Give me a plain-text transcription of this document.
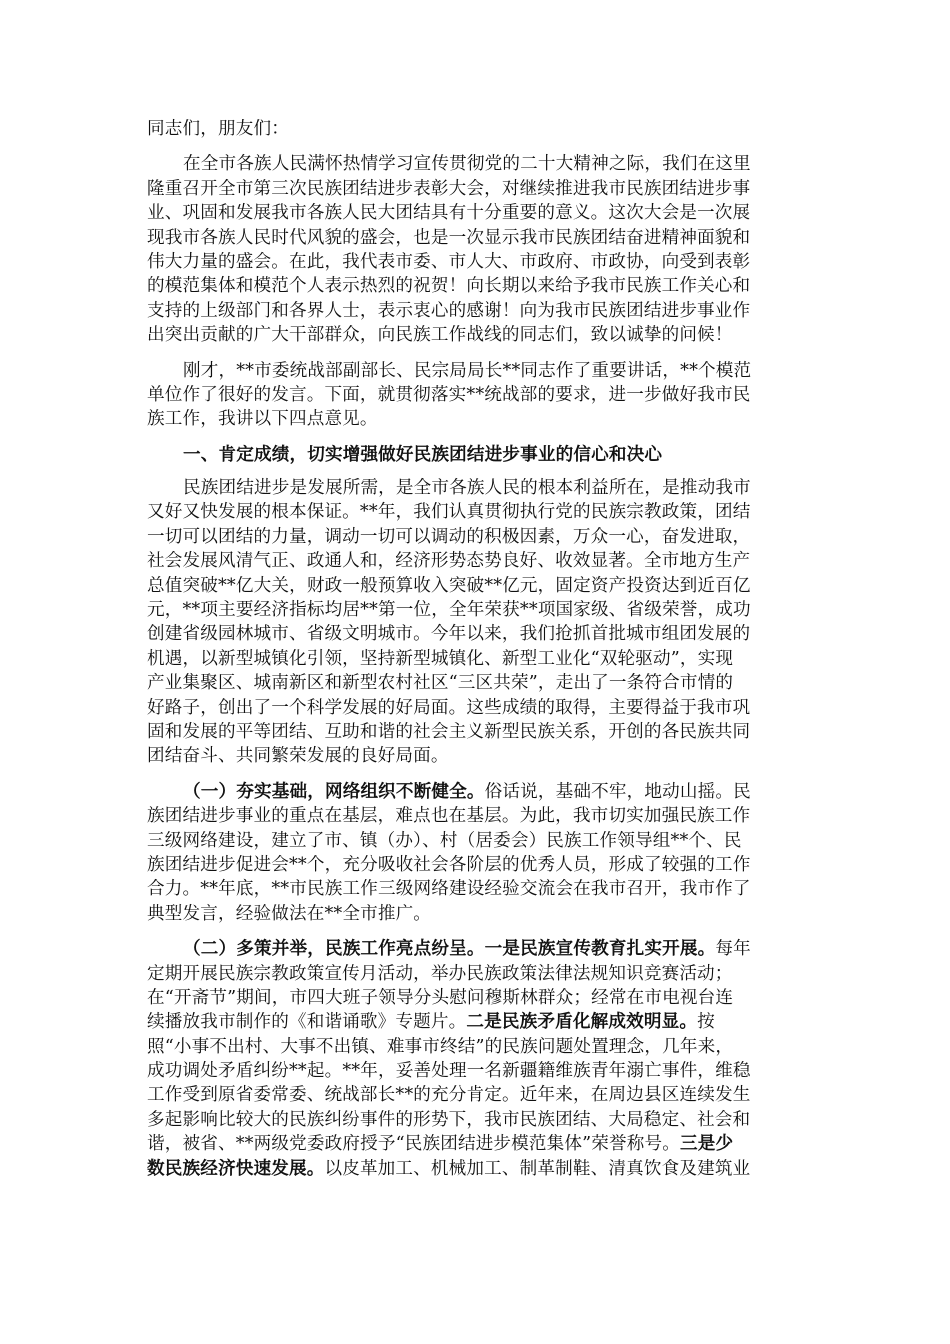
同志们，朋友们：
在全市各族人民满怀热情学习宣传贯彻党的二十大精神之际，我们在这里
隆重召开全市第三次民族团结进步表彰大会，对继续推进我市民族团结进步事
业、巩固和发展我市各族人民大团结具有十分重要的意义。这次大会是一次展
现我市各族人民时代风貌的盛会，也是一次显示我市民族团结奋进精神面貌和
伟大力量的盛会。在此，我代表市委、市人大、市政府、市政协，向受到表彰
的模范集体和模范个人表示热烈的祝贺！向长期以来给予我市民族工作关心和
支持的上级部门和各界人士，表示衷心的感谢！向为我市民族团结进步事业作
出突出贡献的广大干部群众，向民族工作战线的同志们，致以诚挚的问候！
刚才，**市委统战部副部长、民宗局局长**同志作了重要讲话，**个模范
单位作了很好的发言。下面，就贯彻落实**统战部的要求，进一步做好我市民
族工作，我讲以下四点意见。
一、肯定成绩，切实增强做好民族团结进步事业的信心和决心
民族团结进步是发展所需，是全市各族人民的根本利益所在，是推动我市
又好又快发展的根本保证。**年，我们认真贯彻执行党的民族宗教政策，团结
一切可以团结的力量，调动一切可以调动的积极因素，万众一心，奋发进取，
社会发展风清气正、政通人和，经济形势态势良好、收效显著。全市地方生产
总值突破**亿大关，财政一般预算收入突破**亿元，固定资产投资达到近百亿
元，**项主要经济指标均居**第一位，全年荣获**项国家级、省级荣誉，成功
创建省级园林城市、省级文明城市。今年以来，我们抢抓首批城市组团发展的
机遇，以新型城镇化引领，坚持新型城镇化、新型工业化“双轮驱动”，实现
产业集聚区、城南新区和新型农村社区“三区共荣”，走出了一条符合市情的
好路子，创出了一个科学发展的好局面。这些成绩的取得，主要得益于我市巩
固和发展的平等团结、互助和谐的社会主义新型民族关系，开创的各民族共同
团结奋斗、共同繁荣发展的良好局面。
（一）夯实基础，网络组织不断健全。俗话说，基础不牢，地动山摇。民
族团结进步事业的重点在基层，难点也在基层。为此，我市切实加强民族工作
三级网络建设，建立了市、镇（办）、村（居委会）民族工作领导组**个、民
族团结进步促进会**个，充分吸收社会各阶层的优秀人员，形成了较强的工作
合力。**年底，**市民族工作三级网络建设经验交流会在我市召开，我市作了
典型发言，经验做法在**全市推广。
（二）多策并举，民族工作亮点纷呈。一是民族宣传教育扎实开展。每年
定期开展民族宗教政策宣传月活动，举办民族政策法律法规知识竞赛活动；
在“开斋节”期间，市四大班子领导分头慰问穆斯林群众；经常在市电视台连
续播放我市制作的《和谐诵歌》专题片。二是民族矛盾化解成效明显。按
照“小事不出村、大事不出镇、难事市终结”的民族问题处置理念，几年来，
成功调处矛盾纠纷**起。**年，妥善处理一名新疆籍维族青年溺亡事件，维稳
工作受到原省委常委、统战部长**的充分肯定。近年来，在周边县区连续发生
多起影响比较大的民族纠纷事件的形势下，我市民族团结、大局稳定、社会和
谐，被省、**两级党委政府授予“民族团结进步模范集体”荣誉称号。三是少
数民族经济快速发展。以皮革加工、机械加工、制革制鞋、清真饮食及建筑业
